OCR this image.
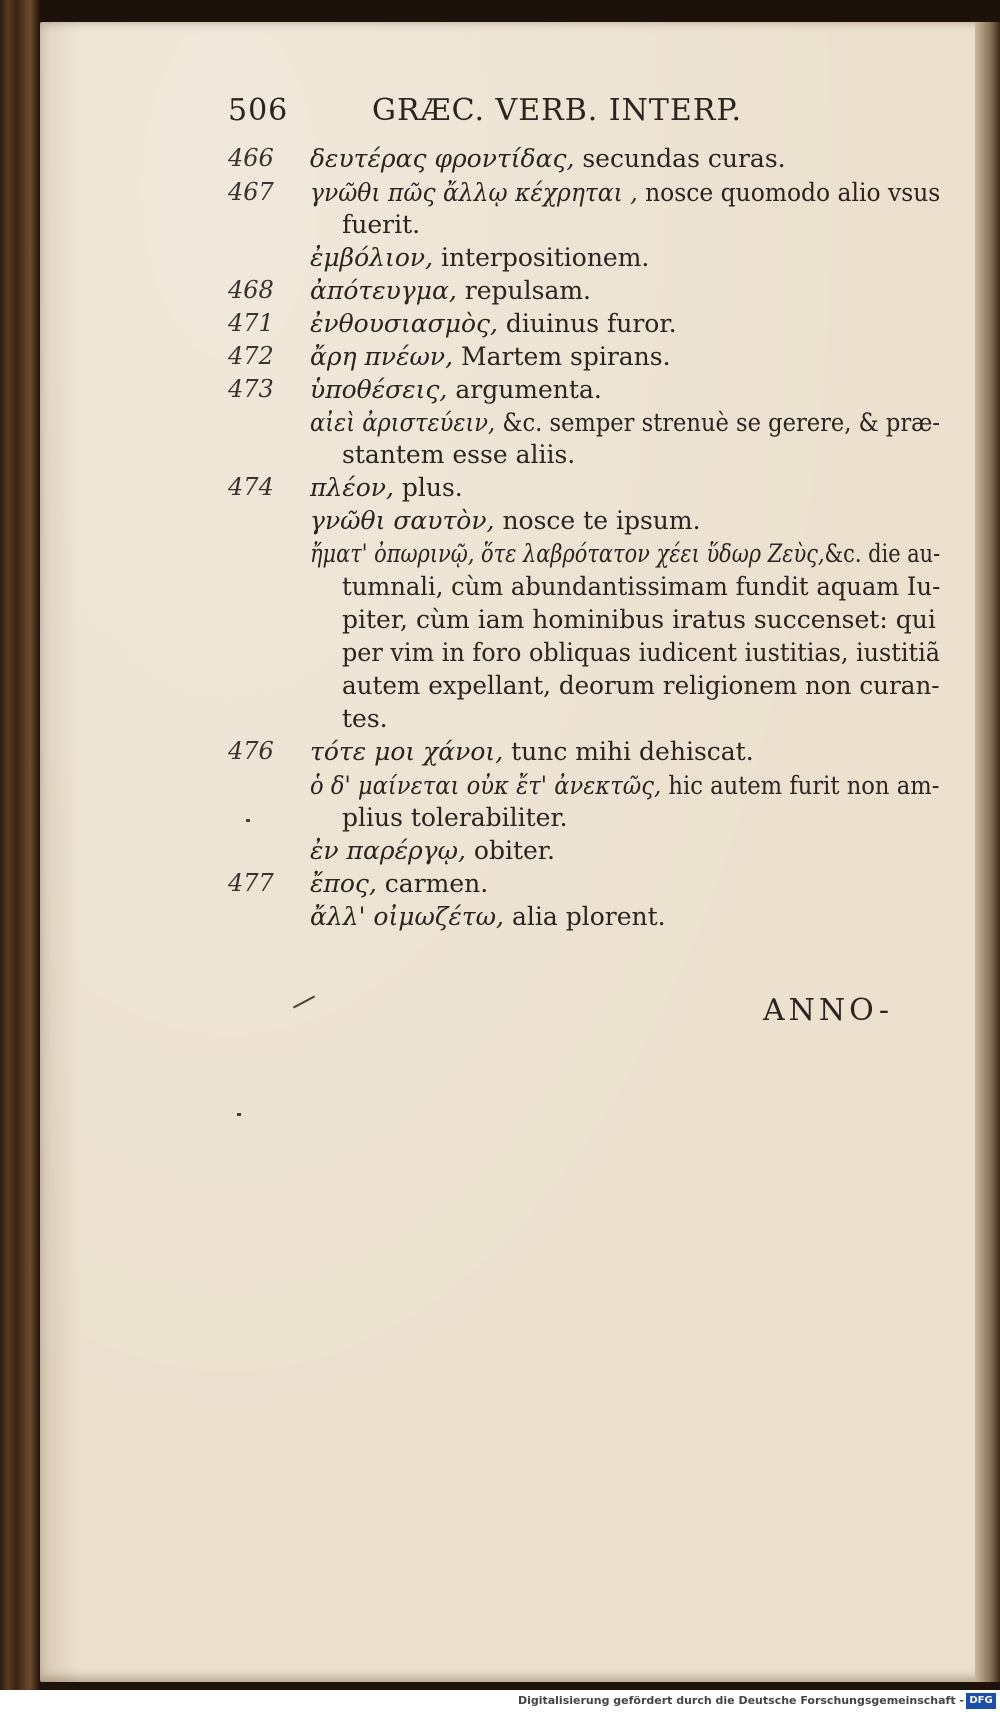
506	GRÆC. VERB. INTERP.
466 δευτέρας φροντίδας, secundas curas.
467 γνῶθι πῶς ἄλλῳ κέχρηται , nosce quomodo alio vsus
fuerit.
ἐμβόλιον, interpositionem.
468 ἀπότευγμα, repulsam.
471 ἐνθουσιασμὸς, diuinus furor.
472 ἄρη πνέων, Martem spirans.
473 ὑποθέσεις, argumenta.
αἰεὶ ἀριστεύειν, &c. semper strenuè se gerere, & præ-
stantem esse aliis.
474 πλέον, plus.
γνῶθι σαυτὸν, nosce te ipsum.
ἤματ' ὀπωρινῷ, ὅτε λαβρότατον χέει ὕδωρ Ζεὺς,&c. die au-
tumnali, cùm abundantissimam fundit aquam Iu-
piter, cùm iam hominibus iratus succenset: qui
per vim in foro obliquas iudicent iustitias, iustitiã
autem expellant, deorum religionem non curan-
tes.
476 τότε μοι χάνοι, tunc mihi dehiscat.
ὁ δ' μαίνεται οὐκ ἔτ' ἀνεκτῶς, hic autem furit non am-
plius tolerabiliter.
ἐν παρέργῳ, obiter.
477 ἔπος, carmen.
ἄλλ' οἰμωζέτω, alia plorent.
ANNO-
Digitalisierung gefördert durch die Deutsche Forschungsgemeinschaft - DFG
